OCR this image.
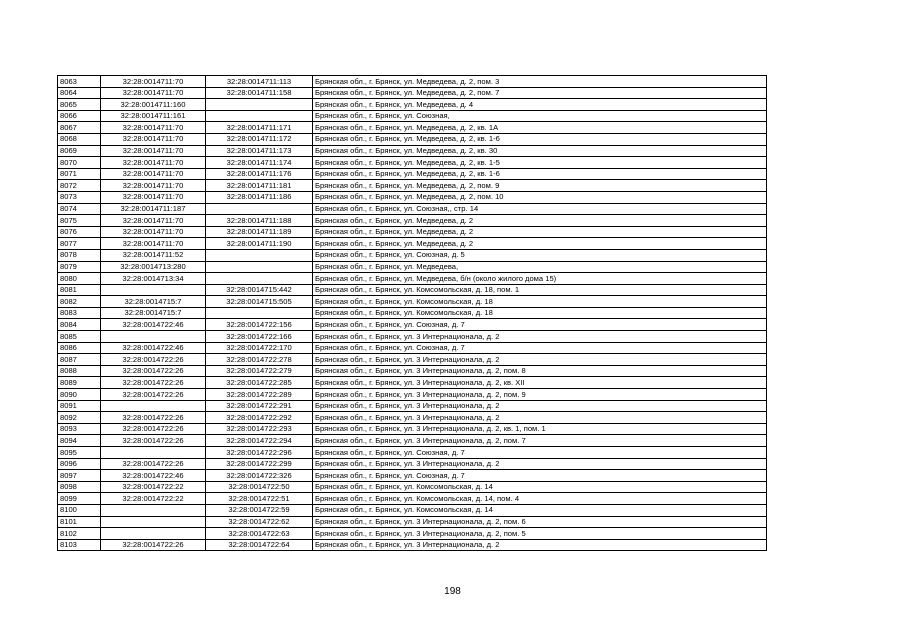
8063	32:28:0014711:70	32:28:0014711:113	Брянская обл., г. Брянск, ул. Медведева, д. 2, пом. 3
8064	32:28:0014711:70	32:28:0014711:158	Брянская обл., г. Брянск, ул. Медведева, д. 2, пом. 7
8065	32:28:0014711:160		Брянская обл., г. Брянск, ул. Медведева, д. 4
8066	32:28:0014711:161		Брянская обл., г. Брянск, ул. Союзная,
8067	32:28:0014711:70	32:28:0014711:171	Брянская обл., г. Брянск, ул. Медведева, д. 2, кв. 1А
8068	32:28:0014711:70	32:28:0014711:172	Брянская обл., г. Брянск, ул. Медведева, д. 2, кв. 1-6
8069	32:28:0014711:70	32:28:0014711:173	Брянская обл., г. Брянск, ул. Медведева, д. 2, кв. 30
8070	32:28:0014711:70	32:28:0014711:174	Брянская обл., г. Брянск, ул. Медведева, д. 2, кв. 1-5
8071	32:28:0014711:70	32:28:0014711:176	Брянская обл., г. Брянск, ул. Медведева, д. 2, кв. 1-6
8072	32:28:0014711:70	32:28:0014711:181	Брянская обл., г. Брянск, ул. Медведева, д. 2, пом. 9
8073	32:28:0014711:70	32:28:0014711:186	Брянская обл., г. Брянск, ул. Медведева, д. 2, пом. 10
8074	32:28:0014711:187		Брянская обл., г. Брянск, ул. Союзная,, стр. 14
8075	32:28:0014711:70	32:28:0014711:188	Брянская обл., г. Брянск, ул. Медведева, д. 2
8076	32:28:0014711:70	32:28:0014711:189	Брянская обл., г. Брянск, ул. Медведева, д. 2
8077	32:28:0014711:70	32:28:0014711:190	Брянская обл., г. Брянск, ул. Медведева, д. 2
8078	32:28:0014711:52		Брянская обл., г. Брянск, ул. Союзная, д. 5
8079	32:28:0014713:280		Брянская обл., г. Брянск, ул. Медведева,
8080	32:28:0014713:34		Брянская обл., г. Брянск, ул. Медведева, б/н (около жилого дома 15)
8081		32:28:0014715:442	Брянская обл., г. Брянск, ул. Комсомольская, д. 18, пом. 1
8082	32:28:0014715:7	32:28:0014715:505	Брянская обл., г. Брянск, ул. Комсомольская, д. 18
8083	32:28:0014715:7		Брянская обл., г. Брянск, ул. Комсомольская, д. 18
8084	32:28:0014722:46	32:28:0014722:156	Брянская обл., г. Брянск, ул. Союзная, д. 7
8085		32:28:0014722:166	Брянская обл., г. Брянск, ул. 3 Интернационала, д. 2
8086	32:28:0014722:46	32:28:0014722:170	Брянская обл., г. Брянск, ул. Союзная, д. 7
8087	32:28:0014722:26	32:28:0014722:278	Брянская обл., г. Брянск, ул. 3 Интернационала, д. 2
8088	32:28:0014722:26	32:28:0014722:279	Брянская обл., г. Брянск, ул. 3 Интернационала, д. 2, пом. 8
8089	32:28:0014722:26	32:28:0014722:285	Брянская обл., г. Брянск, ул. 3 Интернационала, д. 2, кв. XII
8090	32:28:0014722:26	32:28:0014722:289	Брянская обл., г. Брянск, ул. 3 Интернационала, д. 2, пом. 9
8091		32:28:0014722:291	Брянская обл., г. Брянск, ул. 3 Интернационала, д. 2
8092	32:28:0014722:26	32:28:0014722:292	Брянская обл., г. Брянск, ул. 3 Интернационала, д. 2
8093	32:28:0014722:26	32:28:0014722:293	Брянская обл., г. Брянск, ул. 3 Интернационала, д. 2, кв. 1, пом. 1
8094	32:28:0014722:26	32:28:0014722:294	Брянская обл., г. Брянск, ул. 3 Интернационала, д. 2, пом. 7
8095		32:28:0014722:296	Брянская обл., г. Брянск, ул. Союзная, д. 7
8096	32:28:0014722:26	32:28:0014722:299	Брянская обл., г. Брянск, ул. 3 Интернационала, д. 2
8097	32:28:0014722:46	32:28:0014722:326	Брянская обл., г. Брянск, ул. Союзная, д. 7
8098	32:28:0014722:22	32:28:0014722:50	Брянская обл., г. Брянск, ул. Комсомольская, д. 14
8099	32:28:0014722:22	32:28:0014722:51	Брянская обл., г. Брянск, ул. Комсомольская, д. 14, пом. 4
8100		32:28:0014722:59	Брянская обл., г. Брянск, ул. Комсомольская, д. 14
8101		32:28:0014722:62	Брянская обл., г. Брянск, ул. 3 Интернационала, д. 2, пом. 6
8102		32:28:0014722:63	Брянская обл., г. Брянск, ул. 3 Интернационала, д. 2, пом. 5
8103	32:28:0014722:26	32:28:0014722:64	Брянская обл., г. Брянск, ул. 3 Интернационала, д. 2
198
